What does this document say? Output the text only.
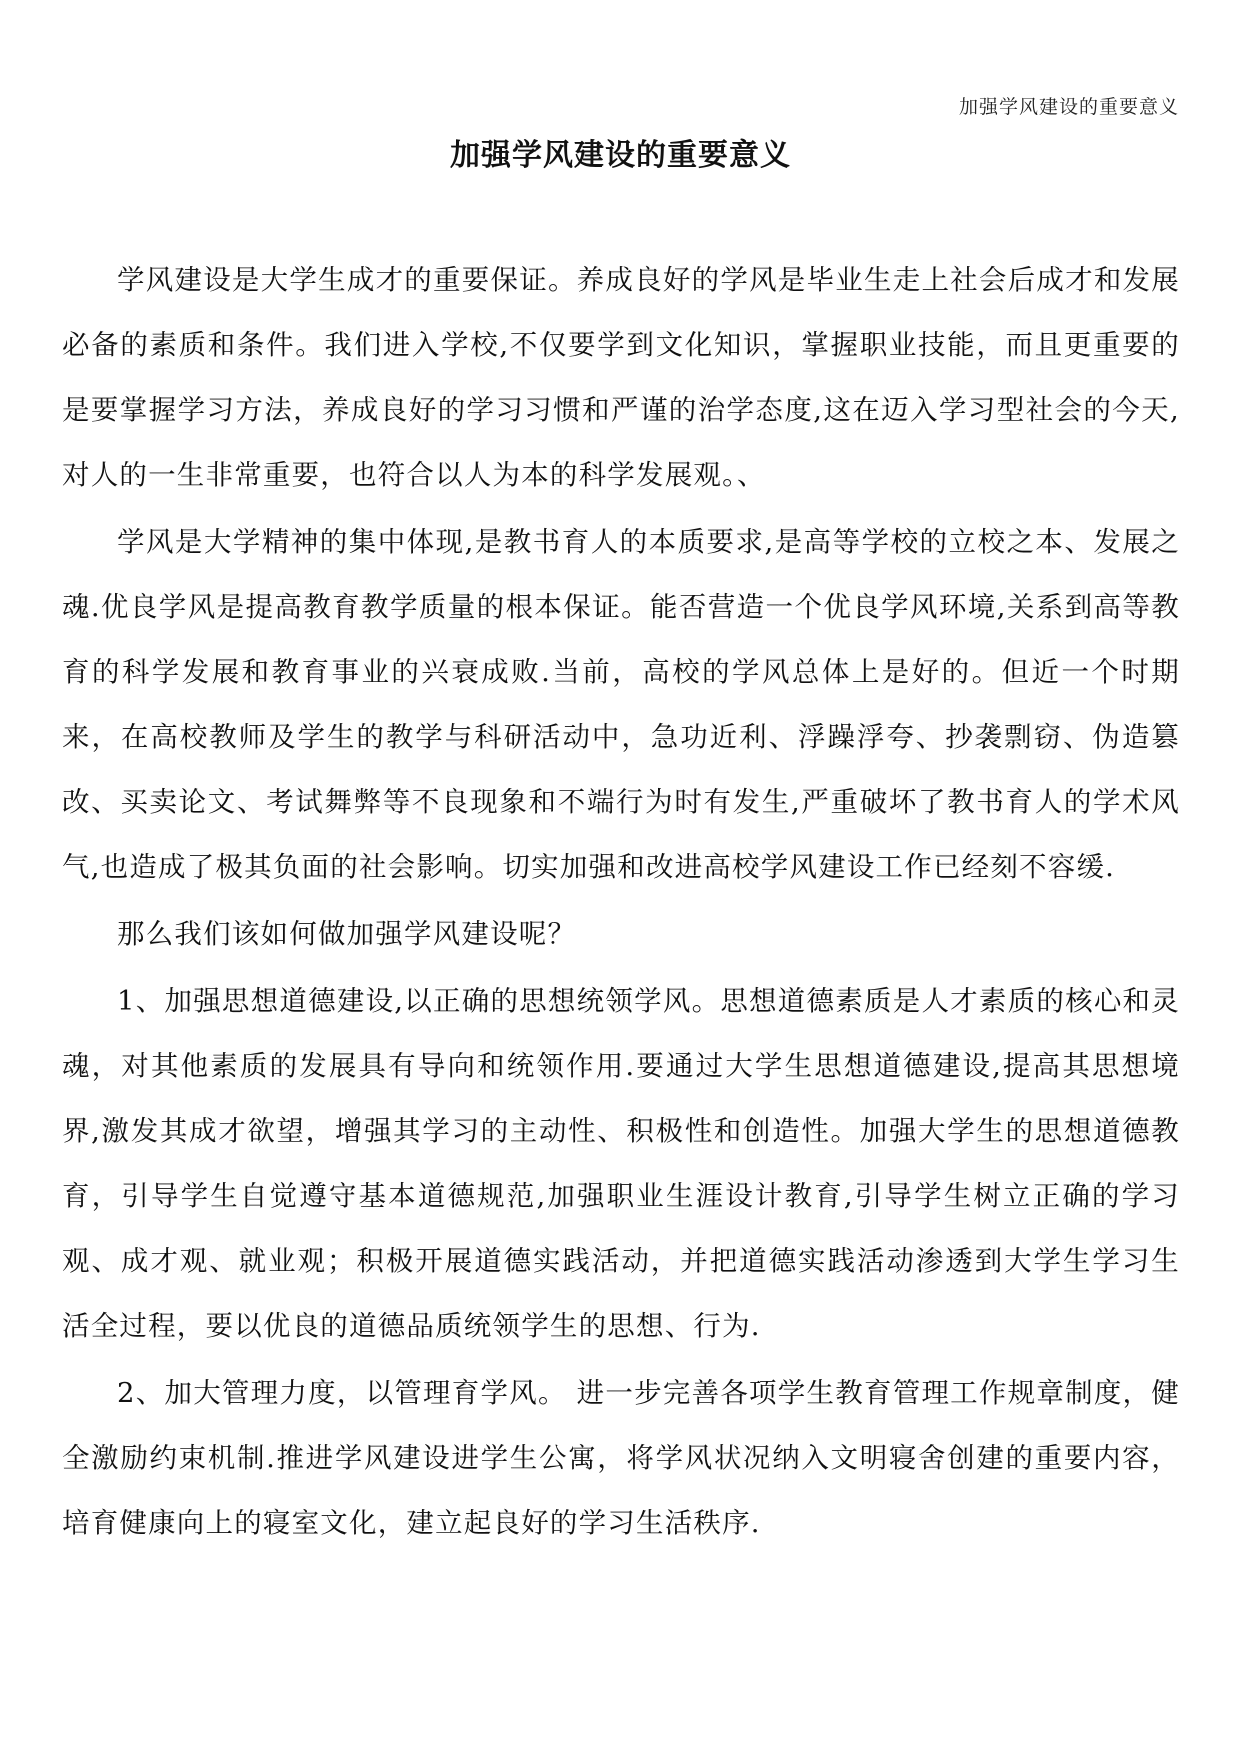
加强学风建设的重要意义
加强学风建设的重要意义

学风建设是大学生成才的重要保证。养成良好的学风是毕业生走上社会后成才和发展必备的素质和条件。我们进入学校,不仅要学到文化知识，掌握职业技能，而且更重要的是要掌握学习方法，养成良好的学习习惯和严谨的治学态度,这在迈入学习型社会的今天,对人的一生非常重要，也符合以人为本的科学发展观。、

学风是大学精神的集中体现,是教书育人的本质要求,是高等学校的立校之本、发展之魂.优良学风是提高教育教学质量的根本保证。能否营造一个优良学风环境,关系到高等教育的科学发展和教育事业的兴衰成败.当前，高校的学风总体上是好的。但近一个时期来，在高校教师及学生的教学与科研活动中，急功近利、浮躁浮夸、抄袭剽窃、伪造篡改、买卖论文、考试舞弊等不良现象和不端行为时有发生,严重破坏了教书育人的学术风气,也造成了极其负面的社会影响。切实加强和改进高校学风建设工作已经刻不容缓.

那么我们该如何做加强学风建设呢？

1、加强思想道德建设,以正确的思想统领学风。思想道德素质是人才素质的核心和灵魂，对其他素质的发展具有导向和统领作用.要通过大学生思想道德建设,提高其思想境界,激发其成才欲望，增强其学习的主动性、积极性和创造性。加强大学生的思想道德教育，引导学生自觉遵守基本道德规范,加强职业生涯设计教育,引导学生树立正确的学习观、成才观、就业观；积极开展道德实践活动，并把道德实践活动渗透到大学生学习生活全过程，要以优良的道德品质统领学生的思想、行为.

2、加大管理力度，以管理育学风。 进一步完善各项学生教育管理工作规章制度，健全激励约束机制.推进学风建设进学生公寓，将学风状况纳入文明寝舍创建的重要内容，培育健康向上的寝室文化，建立起良好的学习生活秩序.
